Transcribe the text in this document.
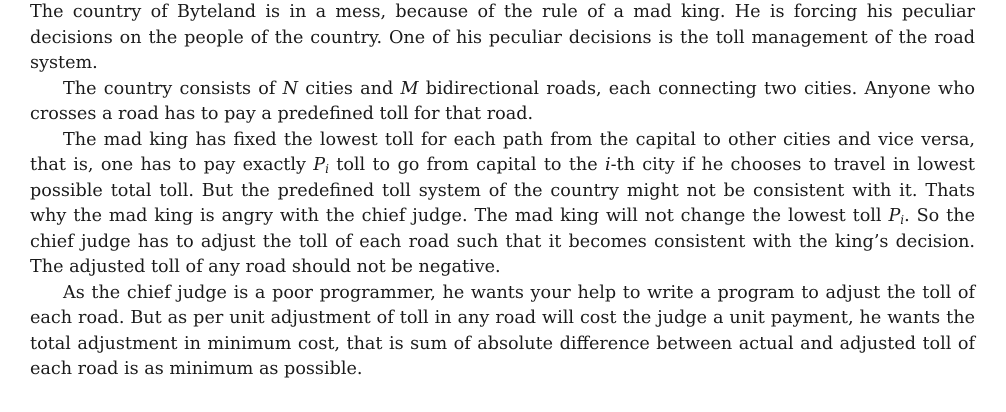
The country of Byteland is in a mess, because of the rule of a mad king. He is forcing his peculiar decisions on the people of the country. One of his peculiar decisions is the toll management of the road system.

The country consists of N cities and M bidirectional roads, each connecting two cities. Anyone who crosses a road has to pay a predefined toll for that road.

The mad king has fixed the lowest toll for each path from the capital to other cities and vice versa, that is, one has to pay exactly $P_i$ toll to go from capital to the i-th city if he chooses to travel in lowest possible total toll. But the predefined toll system of the country might not be consistent with it. Thats why the mad king is angry with the chief judge. The mad king will not change the lowest toll $P_i$. So the chief judge has to adjust the toll of each road such that it becomes consistent with the king’s decision. The adjusted toll of any road should not be negative.

As the chief judge is a poor programmer, he wants your help to write a program to adjust the toll of each road. But as per unit adjustment of toll in any road will cost the judge a unit payment, he wants the total adjustment in minimum cost, that is sum of absolute difference between actual and adjusted toll of each road is as minimum as possible.
